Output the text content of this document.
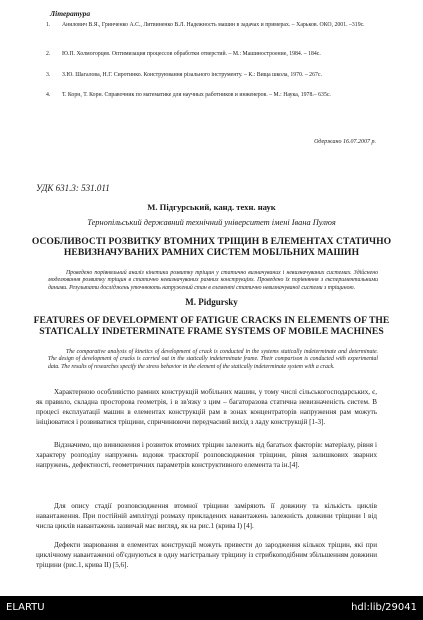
Література
1. Анилович В.Я., Гринченко А.С., Литвиненко В.Л. Надежность машин в задачах и примерах. – Харьков. ОКО, 2001. –319с.
2. Ю.П. Холмогорцев. Оптимизация процессов обработки отверстий. – М.: Машиностроение, 1984. – 184с.
3. З.Ю. Шагалова, Н.Г. Сиротинко. Конструювання різального інструменту. – К.: Вища школа, 1970. – 267с.
4. Т. Корн, Т. Корн. Справочник по математике для научных работников и инженеров. – М.: Наука, 1978.– 635с.
Одержано 16.07.2007 р.
УДК 631.3: 531.011
М. Підгурський, канд. техн. наук
Тернопільський державний технічний університет імені Івана Пулюя
ОСОБЛИВОСТІ РОЗВИТКУ ВТОМНИХ ТРІЩИН В ЕЛЕМЕНТАХ СТАТИЧНО НЕВИЗНАЧУВАНИХ РАМНИХ СИСТЕМ МОБІЛЬНИХ МАШИН
Проведено порівняльний аналіз кінетики розвитку тріщин у статично визначуваних і невизначуваних системах. Здійснено моделювання розвитку тріщин в статично невизначуваних рамних конструкціях. Проведено їх порівняння з експериментальними даними. Результати досліджень уточнюють напружений стан в елементі статично невизначуваної системи з тріщиною.
M. Pidgursky
FEATURES OF DEVELOPMENT OF FATIGUE CRACKS IN ELEMENTS OF THE STATICALLY INDETERMINATE FRAME SYSTEMS OF MOBILE MACHINES
The comparative analysis of kinetics of development of crack is conducted in the systems statically indeterminate and determinate. The design of development of cracks is carried out in the statically indeterminate frame. Their comparison is conducted with experimental data. The results of researches specify the stress behavior in the element of the statically indeterminate system with a crack.
Характерною особливістю рамних конструкцій мобільних машин, у тому числі сільськогосподарських, є, як правило, складна просторова геометрія, і в зв'язку з цим – багаторазова статична невизначеність систем. В процесі експлуатації машин в елементах конструкцій рам в зонах концентраторів напруження рам можуть ініціюватися і розвиватися тріщини, спричинюючи передчасний вихід з ладу конструкцій [1-3].
Відзначимо, що виникнення і розвиток втомних тріщин залежить від багатьох факторів: матеріалу, рівня і характеру розподілу напружень вздовж траєкторії розповсюдження тріщини, рівня залишкових зварних напружень, дефектності, геометричних параметрів конструктивного елемента та ін.[4].
Для опису стадії розповсюдження втомної тріщини заміряють її довжину та кількість циклів навантаження. При постійній амплітуді розмаху прикладених навантажень залежність довжини тріщини l від числа циклів навантажень зазвичай має вигляд, як на рис.1 (крива I) [4].
Дефекти зварювання в елементах конструкції можуть привести до зародження кількох тріщин, які при циклічному навантаженні об'єднуються в одну магістральну тріщину із стрибкоподібним збільшенням довжини тріщини (рис.1, крива II) [5,6].
ELARTU	hdl:lib/29041
